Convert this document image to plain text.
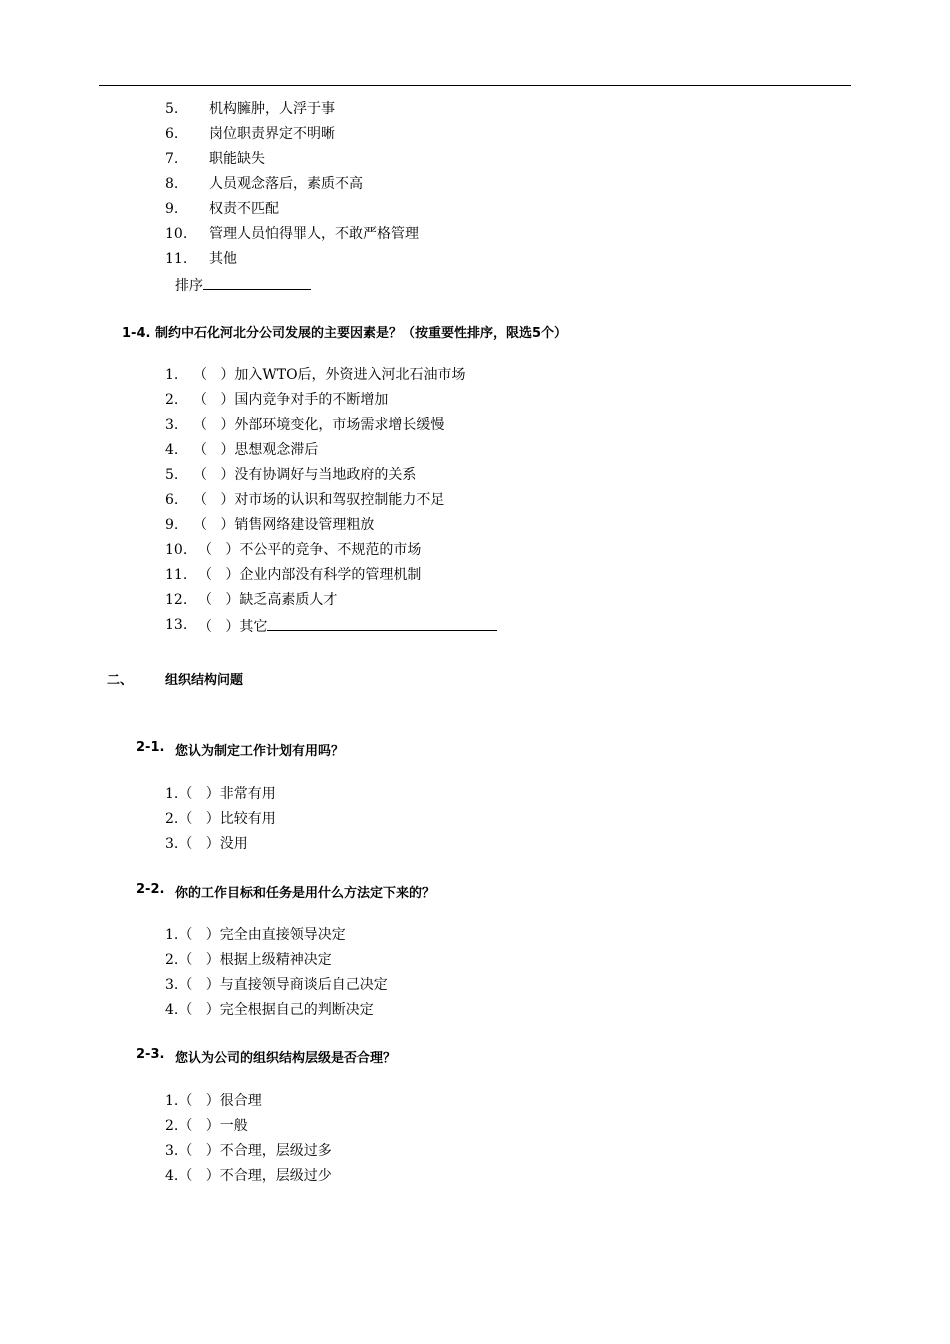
5. 机构臃肿，人浮于事
6. 岗位职责界定不明晰
7. 职能缺失
8. 人员观念落后，素质不高
9. 权责不匹配
10. 管理人员怕得罪人，不敢严格管理
11. 其他
排序
1-4. 制约中石化河北分公司发展的主要因素是？（按重要性排序，限选5个）
1. （   ）加入WTO后，外资进入河北石油市场
2. （   ）国内竞争对手的不断增加
3. （   ）外部环境变化，市场需求增长缓慢
4. （   ）思想观念滞后
5. （   ）没有协调好与当地政府的关系
6. （   ）对市场的认识和驾驭控制能力不足
9. （   ）销售网络建设管理粗放
10. （   ）不公平的竞争、不规范的市场
11. （   ）企业内部没有科学的管理机制
12. （   ）缺乏高素质人才
13. （   ）其它
二、 组织结构问题
2-1. 您认为制定工作计划有用吗？
1.（   ）非常有用
2.（   ）比较有用
3.（   ）没用
2-2. 你的工作目标和任务是用什么方法定下来的？
1.（   ）完全由直接领导决定
2.（   ）根据上级精神决定
3.（   ）与直接领导商谈后自己决定
4.（   ）完全根据自己的判断决定
2-3. 您认为公司的组织结构层级是否合理？
1.（   ）很合理
2.（   ）一般
3.（   ）不合理，层级过多
4.（   ）不合理，层级过少
